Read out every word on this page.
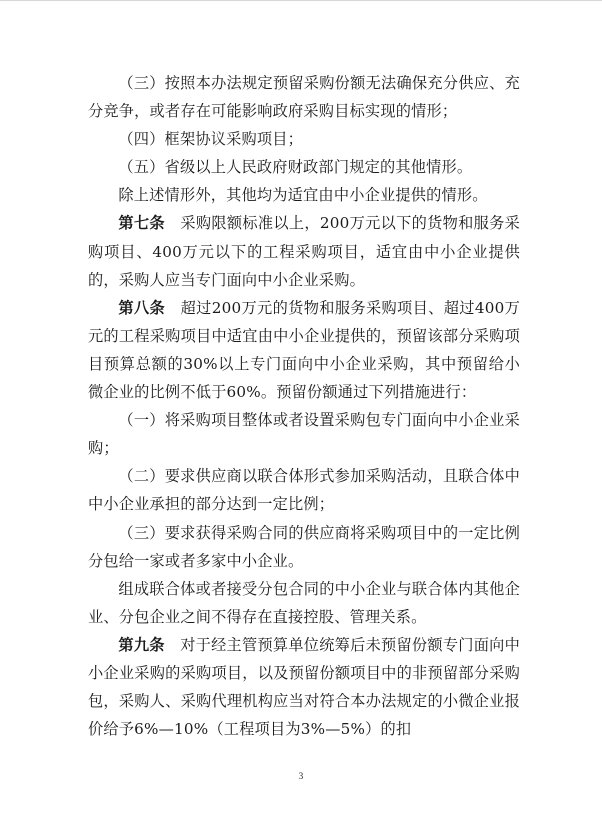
（三）按照本办法规定预留采购份额无法确保充分供应、充分竞争，或者存在可能影响政府采购目标实现的情形；

（四）框架协议采购项目；

（五）省级以上人民政府财政部门规定的其他情形。

除上述情形外，其他均为适宜由中小企业提供的情形。

第七条　采购限额标准以上，200万元以下的货物和服务采购项目、400万元以下的工程采购项目，适宜由中小企业提供的，采购人应当专门面向中小企业采购。

第八条　超过200万元的货物和服务采购项目、超过400万元的工程采购项目中适宜由中小企业提供的，预留该部分采购项目预算总额的30%以上专门面向中小企业采购，其中预留给小微企业的比例不低于60%。预留份额通过下列措施进行：

（一）将采购项目整体或者设置采购包专门面向中小企业采购；

（二）要求供应商以联合体形式参加采购活动，且联合体中中小企业承担的部分达到一定比例；

（三）要求获得采购合同的供应商将采购项目中的一定比例分包给一家或者多家中小企业。

组成联合体或者接受分包合同的中小企业与联合体内其他企业、分包企业之间不得存在直接控股、管理关系。

第九条　对于经主管预算单位统筹后未预留份额专门面向中小企业采购的采购项目，以及预留份额项目中的非预留部分采购包，采购人、采购代理机构应当对符合本办法规定的小微企业报价给予6%—10%（工程项目为3%—5%）的扣

3
